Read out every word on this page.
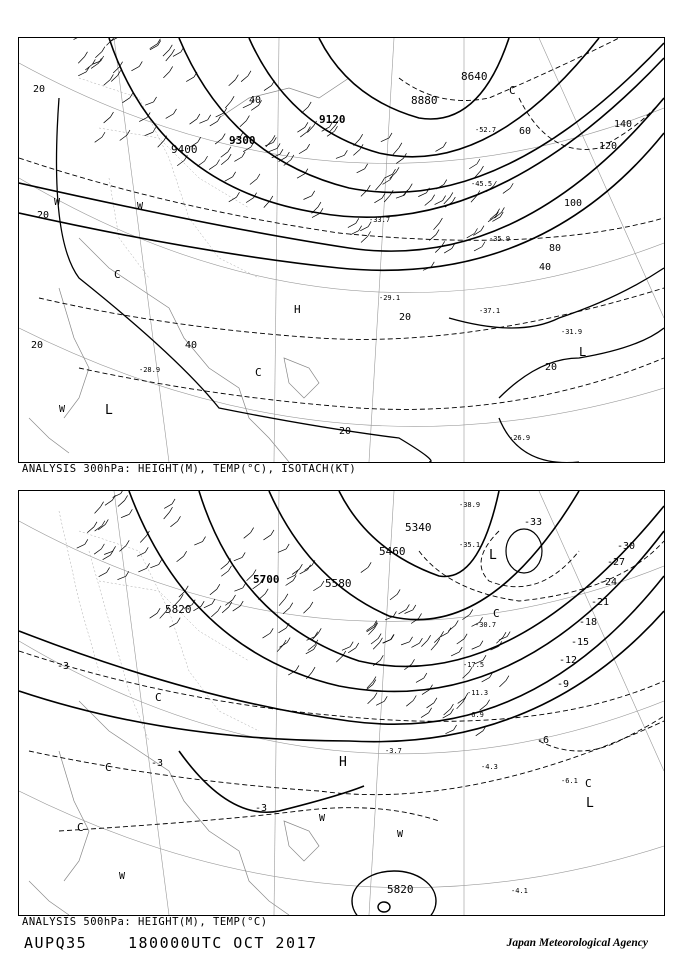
9400
9300
9120
8880
8640
20
20
20
20
40
20
20
40
60
80
100
120
140
40
L
C
C
H
W	W
W
C
L
-31.9
-26.9
-29.1
-37.1
-28.9
-45.5
-52.7
-35.9
-33.7
ANALYSIS 300hPa: HEIGHT(M), TEMP(°C), ISOTACH(KT)
5700	5580
5460
5340
5820
5820
-3
-6
-9
-12
-15
-18
-21
-24
-27
-30
-33
-3
-3
L
L
C
C
H
W
W
W
C
C
C
-38.9
-35.1
-30.7
-17.5
-11.3
-6.9
-4.3
-6.1
-4.1
-3.7
ANALYSIS 500hPa: HEIGHT(M), TEMP(°C)
AUPQ35	180000UTC OCT 2017	Japan Meteorological Agency
